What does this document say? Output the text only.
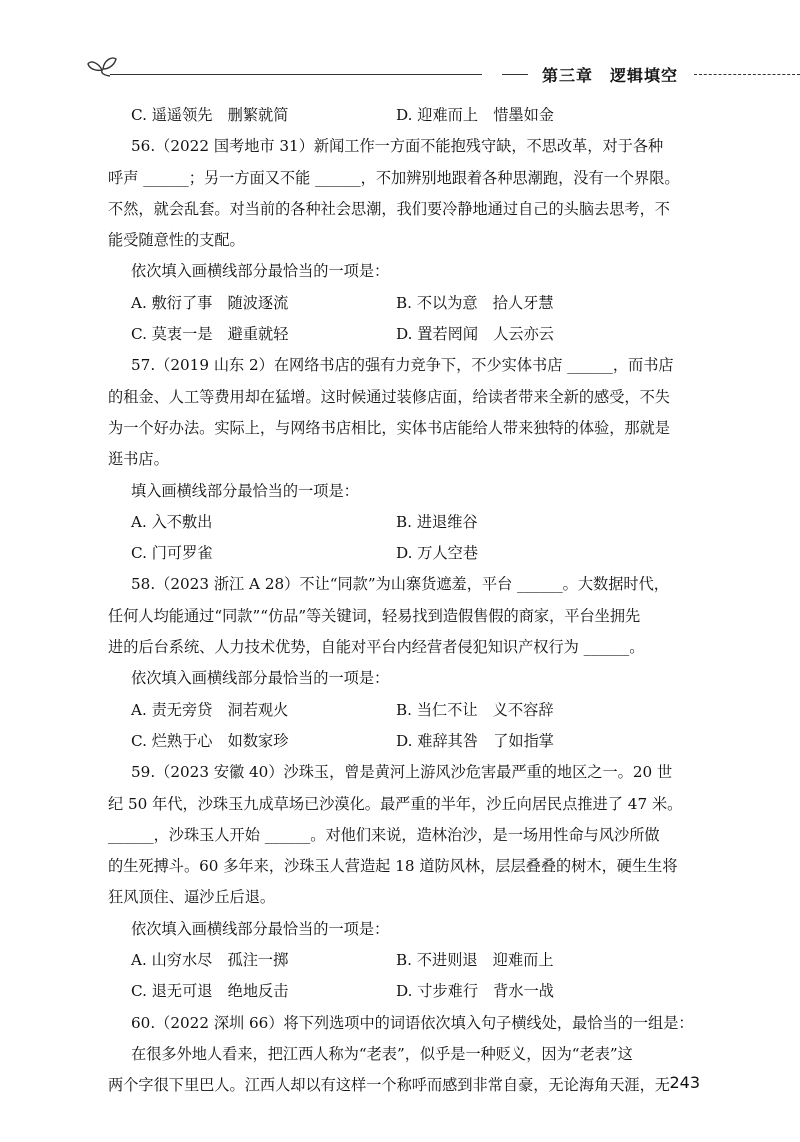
第三章　逻辑填空
C. 遥遥领先　删繁就简	D. 迎难而上　惜墨如金
56.（2022 国考地市 31）新闻工作一方面不能抱残守缺，不思改革，对于各种
呼声 ______；另一方面又不能 ______，不加辨别地跟着各种思潮跑，没有一个界限。
不然，就会乱套。对当前的各种社会思潮，我们要冷静地通过自己的头脑去思考，不
能受随意性的支配。
依次填入画横线部分最恰当的一项是：
A. 敷衍了事　随波逐流	B. 不以为意　拾人牙慧
C. 莫衷一是　避重就轻	D. 置若罔闻　人云亦云
57.（2019 山东 2）在网络书店的强有力竞争下，不少实体书店 ______，而书店
的租金、人工等费用却在猛增。这时候通过装修店面，给读者带来全新的感受，不失
为一个好办法。实际上，与网络书店相比，实体书店能给人带来独特的体验，那就是
逛书店。
填入画横线部分最恰当的一项是：
A. 入不敷出	B. 进退维谷
C. 门可罗雀	D. 万人空巷
58.（2023 浙江 A 28）不让“同款”为山寨货遮羞，平台 ______。大数据时代，
任何人均能通过“同款”“仿品”等关键词，轻易找到造假售假的商家，平台坐拥先
进的后台系统、人力技术优势，自能对平台内经营者侵犯知识产权行为 ______。
依次填入画横线部分最恰当的一项是：
A. 责无旁贷　洞若观火	B. 当仁不让　义不容辞
C. 烂熟于心　如数家珍	D. 难辞其咎　了如指掌
59.（2023 安徽 40）沙珠玉，曾是黄河上游风沙危害最严重的地区之一。20 世
纪 50 年代，沙珠玉九成草场已沙漠化。最严重的半年，沙丘向居民点推进了 47 米。
______，沙珠玉人开始 ______。对他们来说，造林治沙，是一场用性命与风沙所做
的生死搏斗。60 多年来，沙珠玉人营造起 18 道防风林，层层叠叠的树木，硬生生将
狂风顶住、逼沙丘后退。
依次填入画横线部分最恰当的一项是：
A. 山穷水尽　孤注一掷	B. 不进则退　迎难而上
C. 退无可退　绝地反击	D. 寸步难行　背水一战
60.（2022 深圳 66）将下列选项中的词语依次填入句子横线处，最恰当的一组是：
在很多外地人看来，把江西人称为“老表”，似乎是一种贬义，因为“老表”这
两个字很下里巴人。江西人却以有这样一个称呼而感到非常自豪，无论海角天涯，无 243
